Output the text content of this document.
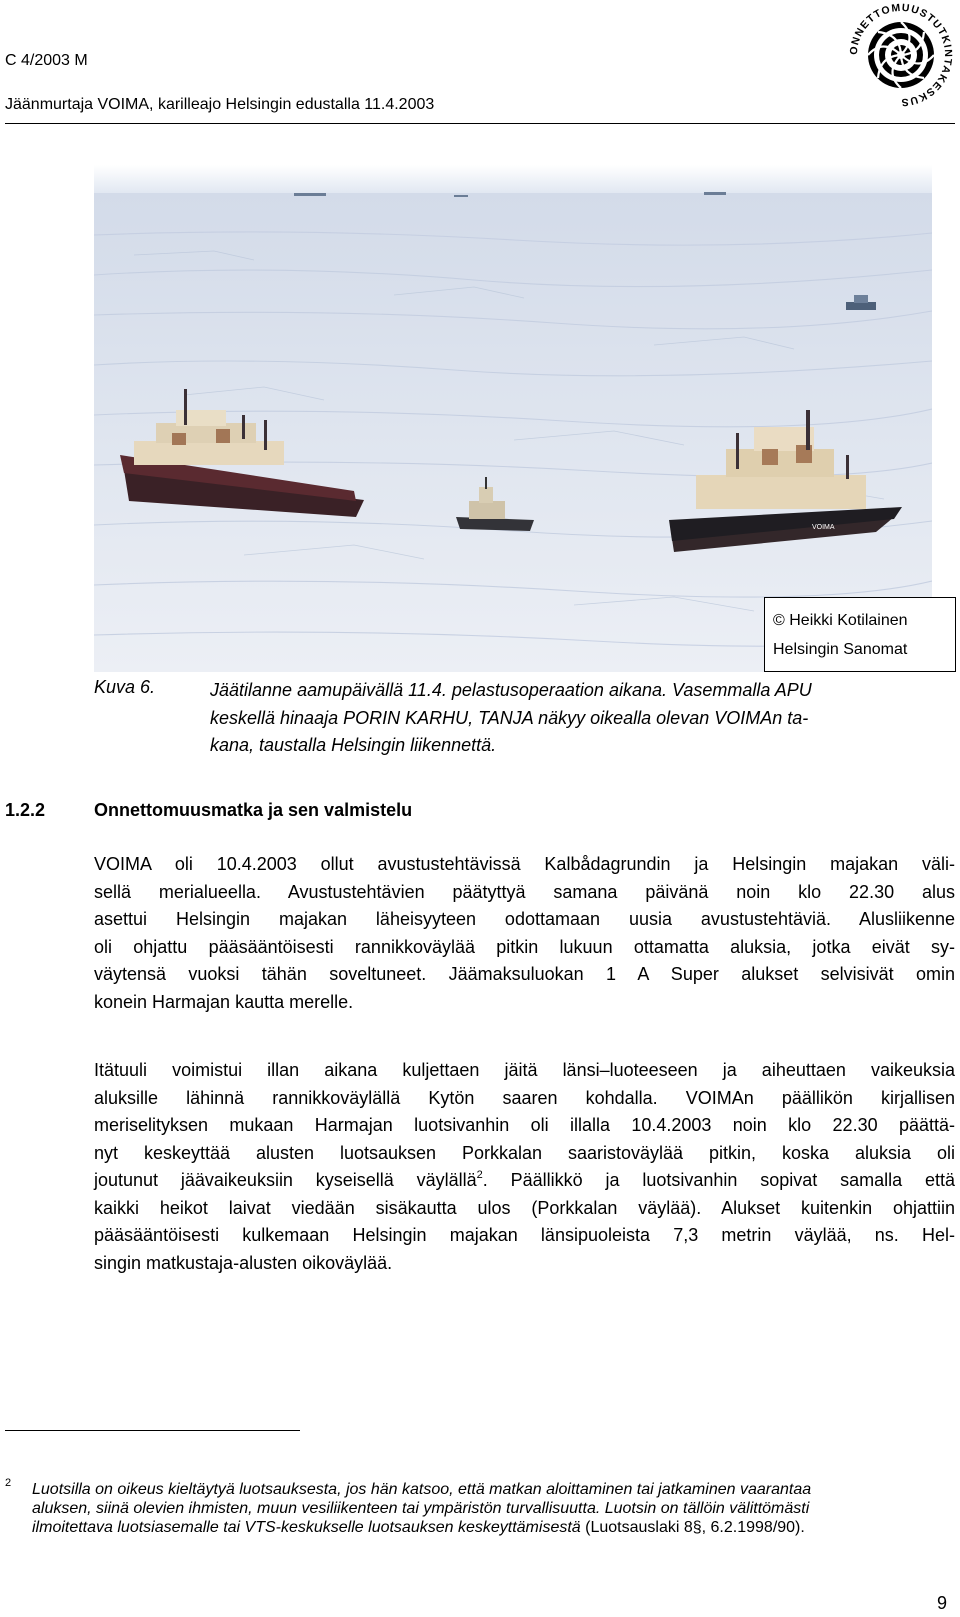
C 4/2003 M
Jäänmurtaja VOIMA, karilleajo Helsingin edustalla 11.4.2003
ONNETTOMUUSTUTKINTAKESKUS
VOIMA
© Heikki Kotilainen
Helsingin Sanomat
Kuva 6.	Jäätilanne aamupäivällä 11.4. pelastusoperaation aikana. Vasemmalla APU
keskellä hinaaja PORIN KARHU, TANJA näkyy oikealla olevan VOIMAn ta-
kana, taustalla Helsingin liikennettä.
1.2.2	Onnettomuusmatka ja sen valmistelu
VOIMA oli 10.4.2003 ollut avustustehtävissä Kalbådagrundin ja Helsingin majakan väli-
sellä merialueella. Avustustehtävien päätyttyä samana päivänä noin klo 22.30 alus
asettui Helsingin majakan läheisyyteen odottamaan uusia avustustehtäviä. Alusliikenne
oli ohjattu pääsääntöisesti rannikkoväylää pitkin lukuun ottamatta aluksia, jotka eivät sy-
väytensä vuoksi tähän soveltuneet. Jäämaksuluokan 1 A Super alukset selvisivät omin
konein Harmajan kautta merelle.
Itätuuli voimistui illan aikana kuljettaen jäitä länsi–luoteeseen ja aiheuttaen vaikeuksia
aluksille lähinnä rannikkoväylällä Kytön saaren kohdalla. VOIMAn päällikön kirjallisen
meriselityksen mukaan Harmajan luotsivanhin oli illalla 10.4.2003 noin klo 22.30 päättä-
nyt keskeyttää alusten luotsauksen Porkkalan saaristoväylää pitkin, koska aluksia oli
joutunut jäävaikeuksiin kyseisellä väylällä$^2$. Päällikkö ja luotsivanhin sopivat samalla että
kaikki heikot laivat viedään sisäkautta ulos (Porkkalan väylää). Alukset kuitenkin ohjattiin
pääsääntöisesti kulkemaan Helsingin majakan länsipuoleista 7,3 metrin väylää, ns. Hel-
singin matkustaja-alusten oikoväylää.
2 Luotsilla on oikeus kieltäytyä luotsauksesta, jos hän katsoo, että matkan aloittaminen tai jatkaminen vaarantaa
aluksen, siinä olevien ihmisten, muun vesiliikenteen tai ympäristön turvallisuutta. Luotsin on tällöin välittömästi
ilmoitettava luotsiasemalle tai VTS-keskukselle luotsauksen keskeyttämisestä (Luotsauslaki 8§, 6.2.1998/90).
9
